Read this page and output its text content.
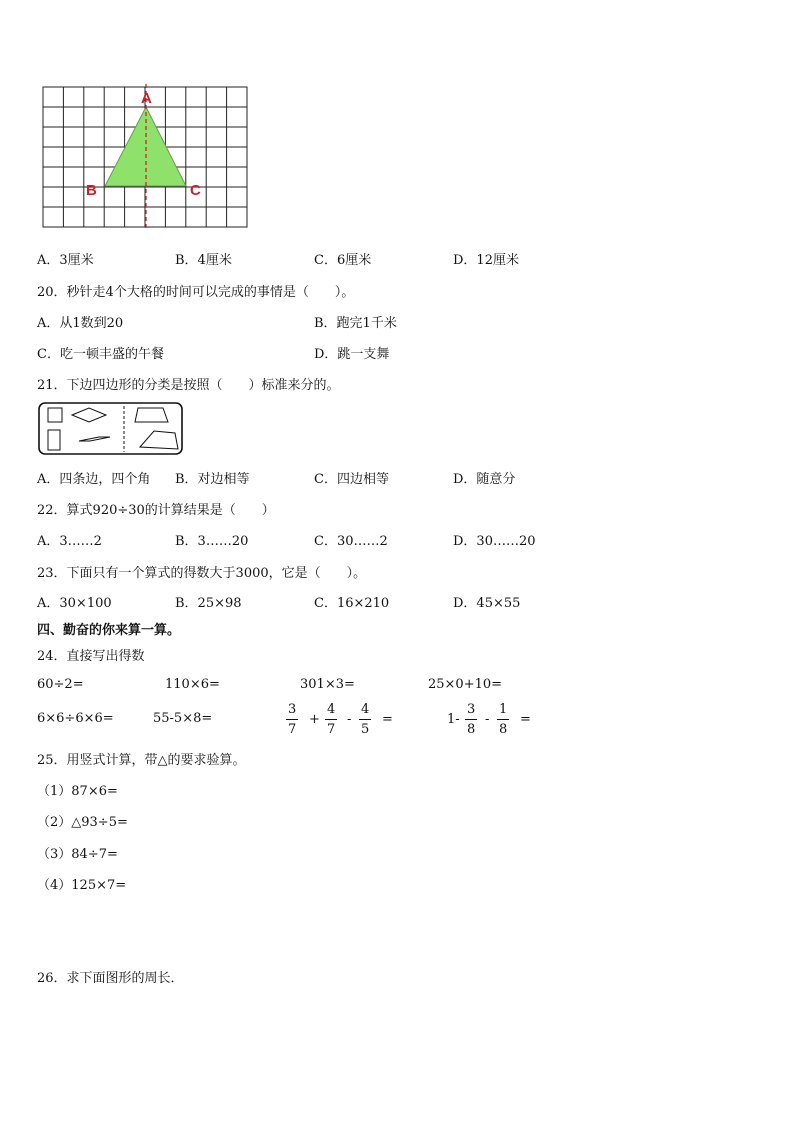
A
B	C
A．3厘米	B．4厘米	C．6厘米	D．12厘米
20．秒针走4个大格的时间可以完成的事情是（　　）。
A．从1数到20	B．跑完1千米
C．吃一顿丰盛的午餐	D．跳一支舞
21．下边四边形的分类是按照（　　）标准来分的。
A．四条边，四个角 B．对边相等	C．四边相等	D．随意分
22．算式920÷30的计算结果是（　　）
A．3……2	B．3……20	C．30……2	D．30……20
23．下面只有一个算式的得数大于3000，它是（　　）。
A．30×100	B．25×98	C．16×210	D．45×55
四、勤奋的你来算一算。
24．直接写出得数
60÷2=	110×6=	301×3=	25×0+10=
6×6÷6×6=	55-5×8=	$\frac{3}{7} + \frac{4}{7} - \frac{4}{5}$ =	$1- \frac{3}{8} - \frac{1}{8}$ =
25．用竖式计算，带△的要求验算。
（1）87×6=
（2）△93÷5=
（3）84÷7=
（4）125×7=
26．求下面图形的周长．
